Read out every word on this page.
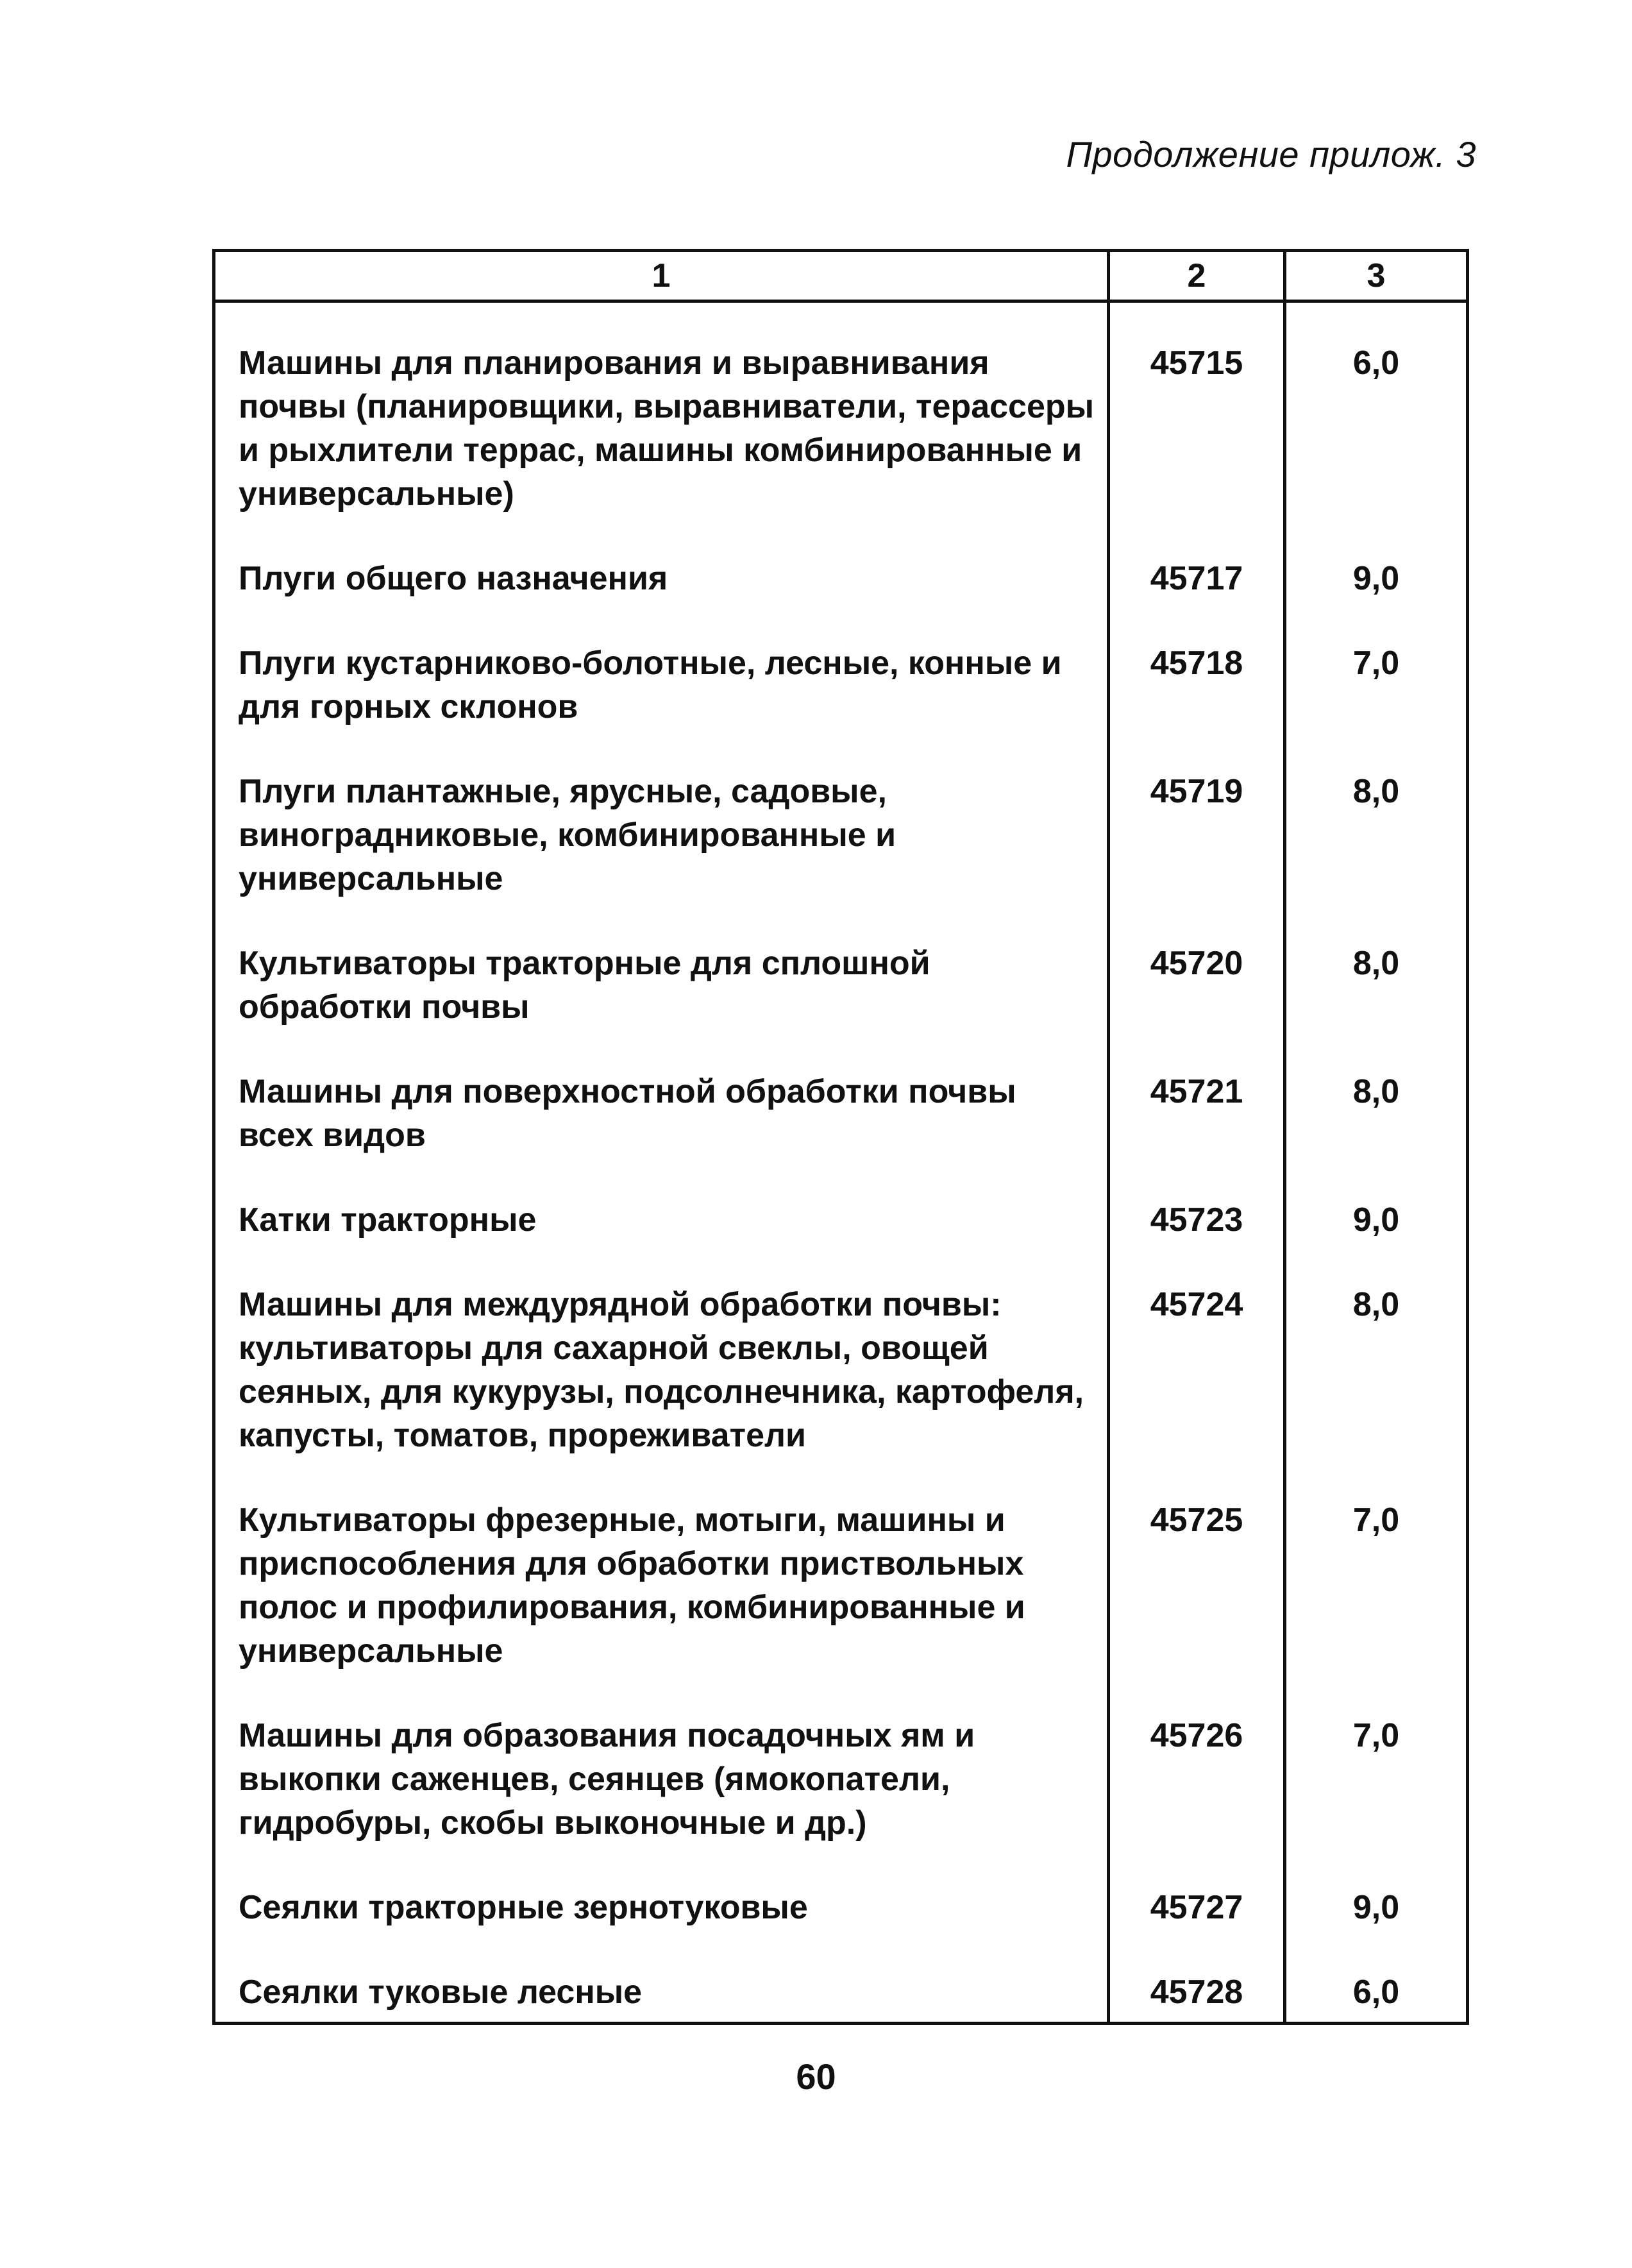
Продолжение прилож. 3
1	2	3
Машины для планирования и выравнивания почвы (планировщики, выравниватели, терассеры и рыхлители террас, машины комбинированные и универсальные)	45715	6,0
Плуги общего назначения	45717	9,0
Плуги кустарниково-болотные, лесные, конные и для горных склонов	45718	7,0
Плуги плантажные, ярусные, садовые, виноградниковые, комбинированные и универсальные	45719	8,0
Культиваторы тракторные для сплошной обработки почвы	45720	8,0
Машины для поверхностной обработки почвы всех видов	45721	8,0
Катки тракторные	45723	9,0
Машины для междурядной обработки почвы: культиваторы для сахарной свеклы, овощей сеяных, для кукурузы, подсолнечника, картофеля, капусты, томатов, прореживатели	45724	8,0
Культиваторы фрезерные, мотыги, машины и приспособления для обработки приствольных полос и профилирования, комбинированные и универсальные	45725	7,0
Машины для образования посадочных ям и выкопки саженцев, сеянцев (ямокопатели, гидробуры, скобы выконочные и др.)	45726	7,0
Сеялки тракторные зернотуковые	45727	9,0
Сеялки туковые лесные	45728	6,0
60
